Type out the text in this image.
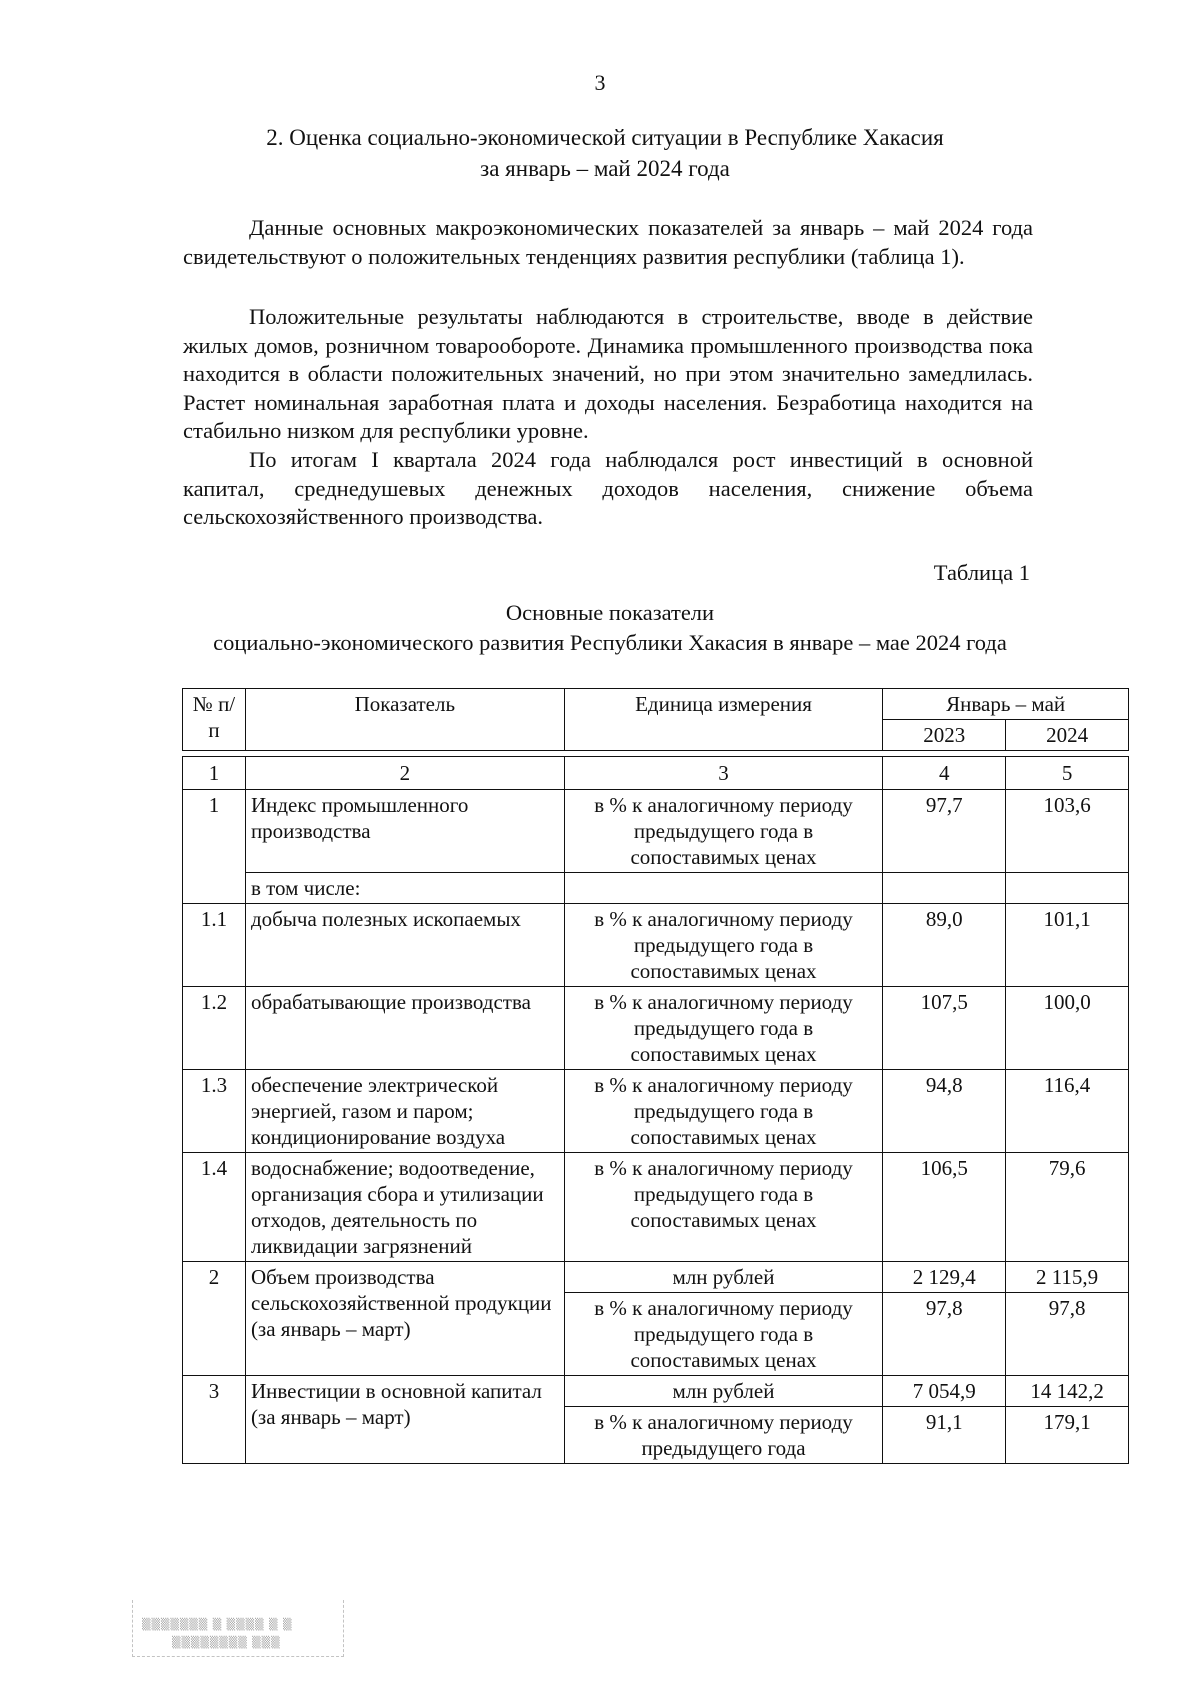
3
2. Оценка социально-экономической ситуации в Республике Хакасия
за январь – май 2024 года

Данные основных макроэкономических показателей за январь – май 2024 года свидетельствуют о положительных тенденциях развития республики (таблица 1).

Положительные результаты наблюдаются в строительстве, вводе в действие жилых домов, розничном товарообороте. Динамика промышленного производства пока находится в области положительных значений, но при этом значительно замедлилась. Растет номинальная заработная плата и доходы населения. Безработица находится на стабильно низком для республики уровне.

По итогам I квартала 2024 года наблюдался рост инвестиций в основной капитал, среднедушевых денежных доходов населения, снижение объема сельскохозяйственного производства.

Таблица 1
Основные показатели
социально-экономического развития Республики Хакасия в январе – мае 2024 года
№ п/п	Показатель	Единица измерения	Январь – май	
			2023	2024

1	2	3	4	5
1	Индекс промышленного производства	в % к аналогичному периоду предыдущего года в сопоставимых ценах	97,7	103,6
	в том числе:			
1.1	добыча полезных ископаемых	в % к аналогичному периоду предыдущего года в сопоставимых ценах	89,0	101,1
1.2	обрабатывающие производства	в % к аналогичному периоду предыдущего года в сопоставимых ценах	107,5	100,0
1.3	обеспечение электрической энергией, газом и паром; кондиционирование воздуха	в % к аналогичному периоду предыдущего года в сопоставимых ценах	94,8	116,4
1.4	водоснабжение; водоотведение, организация сбора и утилизации отходов, деятельность по ликвидации загрязнений	в % к аналогичному периоду предыдущего года в сопоставимых ценах	106,5	79,6
2	Объем производства сельскохозяйственной продукции (за январь – март)	млн рублей	2 129,4	2 115,9
		в % к аналогичному периоду предыдущего года в сопоставимых ценах	97,8	97,8
3	Инвестиции в основной капитал (за январь – март)	млн рублей	7 054,9	14 142,2
		в % к аналогичному периоду предыдущего года	91,1	179,1
▒▒▒▒▒▒▒ ▒ ▒▒▒▒ ▒ ▒
▒▒▒▒▒▒▒▒ ▒▒▒
